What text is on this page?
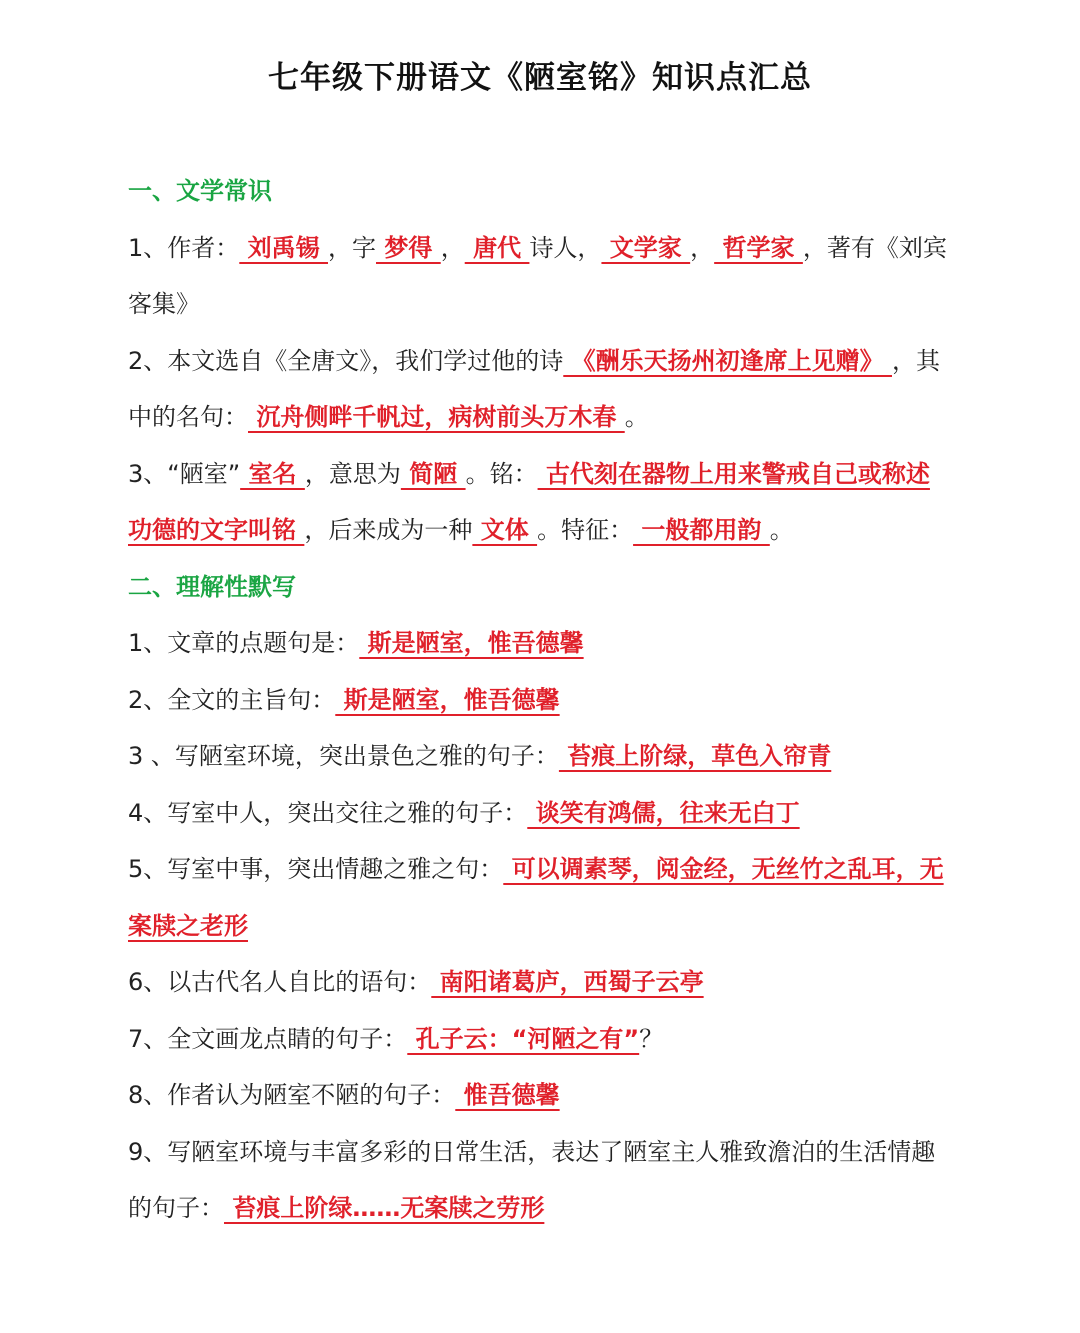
七年级下册语文《陋室铭》知识点汇总

一、文学常识

1、作者： 刘禹锡 ，字 梦得 ， 唐代 诗人， 文学家 ， 哲学家 ，著有《刘宾客集》

2、本文选自《全唐文》，我们学过他的诗 《酬乐天扬州初逢席上见赠》 ，其中的名句： 沉舟侧畔千帆过，病树前头万木春 。

3、“陋室” 室名 ，意思为 简陋 。铭： 古代刻在器物上用来警戒自己或称述功德的文字叫铭 ，后来成为一种 文体 。特征： 一般都用韵 。

二、理解性默写

1、文章的点题句是： 斯是陋室，惟吾德馨

2、全文的主旨句： 斯是陋室，惟吾德馨

3 、写陋室环境，突出景色之雅的句子： 苔痕上阶绿，草色入帘青

4、写室中人，突出交往之雅的句子： 谈笑有鸿儒，往来无白丁

5、写室中事，突出情趣之雅之句： 可以调素琴，阅金经，无丝竹之乱耳，无案牍之老形

6、以古代名人自比的语句： 南阳诸葛庐，西蜀子云亭

7、全文画龙点睛的句子： 孔子云：“河陋之有”？

8、作者认为陋室不陋的句子： 惟吾德馨

9、写陋室环境与丰富多彩的日常生活，表达了陋室主人雅致澹泊的生活情趣的句子： 苔痕上阶绿……无案牍之劳形
